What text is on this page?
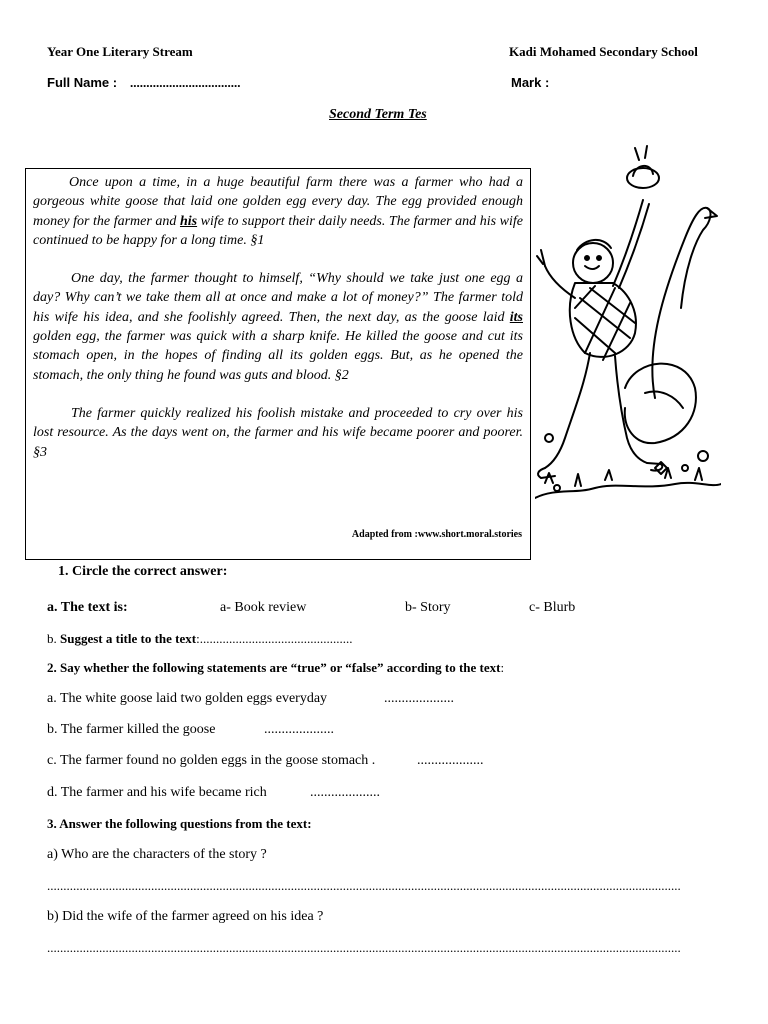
Year One Literary Stream	Kadi Mohamed Secondary School
Full Name : ..................................	Mark :
Second Term Tes

Once upon a time, in a huge beautiful farm there was a farmer who had a gorgeous white goose that laid one golden egg every day. The egg provided enough money for the farmer and his wife to support their daily needs. The farmer and his wife continued to be happy for a long time. §1

One day, the farmer thought to himself, “Why should we take just one egg a day? Why can’t we take them all at once and make a lot of money?” The farmer told his wife his idea, and she foolishly agreed. Then, the next day, as the goose laid its golden egg, the farmer was quick with a sharp knife. He killed the goose and cut its stomach open, in the hopes of finding all its golden eggs. But, as he opened the stomach, the only thing he found was guts and blood. §2

The farmer quickly realized his foolish mistake and proceeded to cry over his lost resource. As the days went on, the farmer and his wife became poorer and poorer. §3

Adapted from :www.short.moral.stories
1. Circle the correct answer:
a. The text is:	a- Book review	b- Story	c- Blurb
b. Suggest a title to the text:...............................................
2. Say whether the following statements are “true” or “false” according to the text:
a. The white goose laid two golden eggs everyday	....................
b. The farmer killed the goose	....................
c. The farmer found no golden eggs in the goose stomach .	...................
d. The farmer and his wife became rich	....................
3. Answer the following questions from the text:
a) Who are the characters of the story ?
...................................................................................................................................................................................................
b) Did the wife of the farmer agreed on his idea ?
...................................................................................................................................................................................................
